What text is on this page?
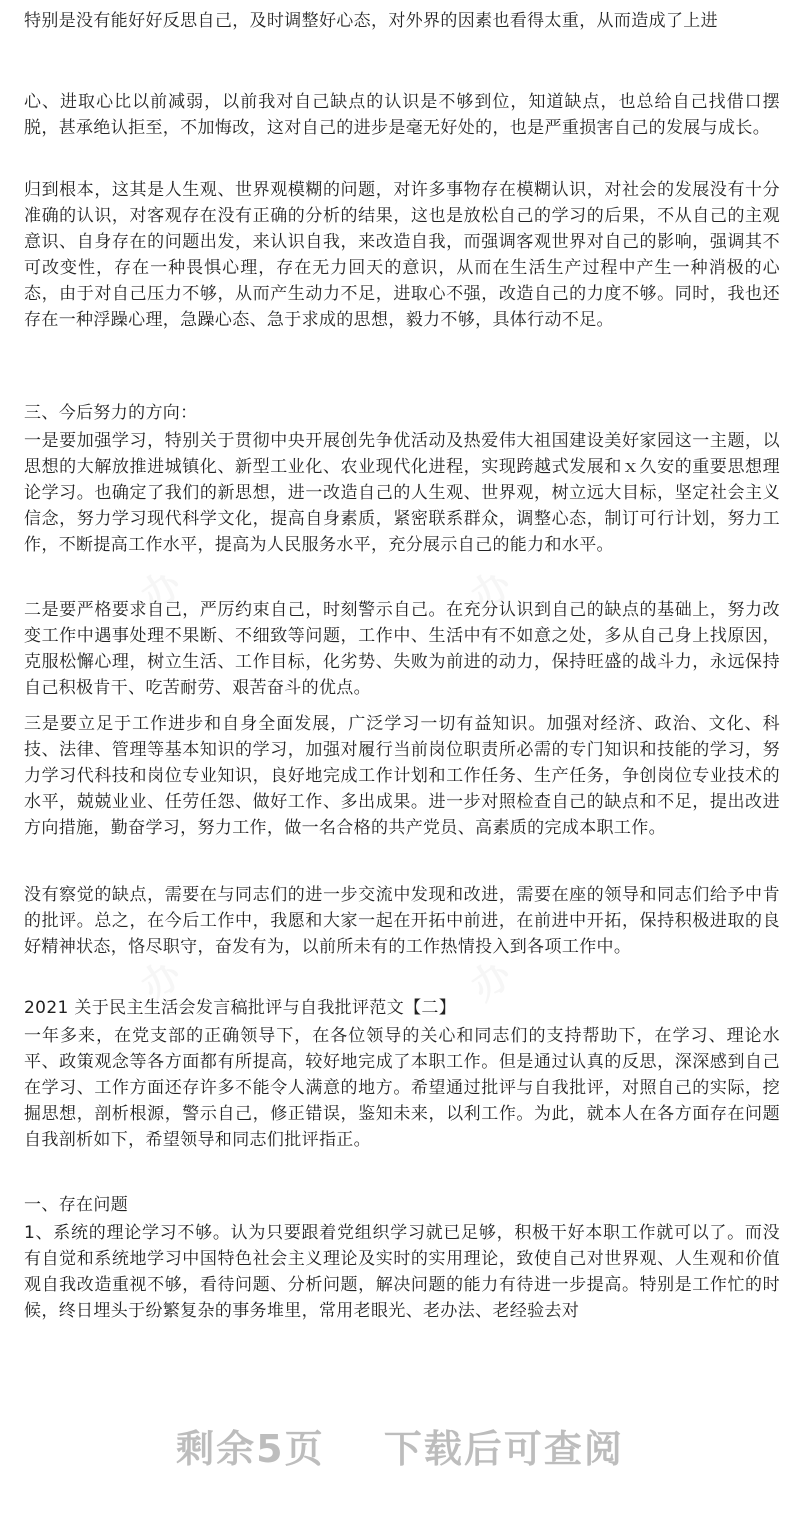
特别是没有能好好反思自己，及时调整好心态，对外界的因素也看得太重，从而造成了上进

心、进取心比以前减弱，以前我对自己缺点的认识是不够到位，知道缺点，也总给自己找借口摆脱，甚承绝认拒至，不加悔改，这对自己的进步是毫无好处的，也是严重损害自己的发展与成长。

归到根本，这其是人生观、世界观模糊的问题，对许多事物存在模糊认识，对社会的发展没有十分准确的认识，对客观存在没有正确的分析的结果，这也是放松自己的学习的后果，不从自己的主观意识、自身存在的问题出发，来认识自我，来改造自我，而强调客观世界对自己的影响，强调其不可改变性，存在一种畏惧心理，存在无力回天的意识，从而在生活生产过程中产生一种消极的心态，由于对自己压力不够，从而产生动力不足，进取心不强，改造自己的力度不够。同时，我也还存在一种浮躁心理，急躁心态、急于求成的思想，毅力不够，具体行动不足。

三、今后努力的方向：

一是要加强学习，特别关于贯彻中央开展创先争优活动及热爱伟大祖国建设美好家园这一主题，以思想的大解放推进城镇化、新型工业化、农业现代化进程，实现跨越式发展和ｘ久安的重要思想理论学习。也确定了我们的新思想，进一改造自己的人生观、世界观，树立远大目标，坚定社会主义信念，努力学习现代科学文化，提高自身素质，紧密联系群众，调整心态，制订可行计划，努力工作，不断提高工作水平，提高为人民服务水平，充分展示自己的能力和水平。

二是要严格要求自己，严厉约束自己，时刻警示自己。在充分认识到自己的缺点的基础上，努力改变工作中遇事处理不果断、不细致等问题，工作中、生活中有不如意之处，多从自己身上找原因，克服松懈心理，树立生活、工作目标，化劣势、失败为前进的动力，保持旺盛的战斗力，永远保持自己积极肯干、吃苦耐劳、艰苦奋斗的优点。

三是要立足于工作进步和自身全面发展，广泛学习一切有益知识。加强对经济、政治、文化、科技、法律、管理等基本知识的学习，加强对履行当前岗位职责所必需的专门知识和技能的学习，努力学习代科技和岗位专业知识，良好地完成工作计划和工作任务、生产任务，争创岗位专业技术的水平，兢兢业业、任劳任怨、做好工作、多出成果。进一步对照检查自己的缺点和不足，提出改进方向措施，勤奋学习，努力工作，做一名合格的共产党员、高素质的完成本职工作。

没有察觉的缺点，需要在与同志们的进一步交流中发现和改进，需要在座的领导和同志们给予中肯的批评。总之，在今后工作中，我愿和大家一起在开拓中前进，在前进中开拓，保持积极进取的良好精神状态，恪尽职守，奋发有为，以前所未有的工作热情投入到各项工作中。

2021 关于民主生活会发言稿批评与自我批评范文【二】

一年多来，在党支部的正确领导下，在各位领导的关心和同志们的支持帮助下，在学习、理论水平、政策观念等各方面都有所提高，较好地完成了本职工作。但是通过认真的反思，深深感到自己在学习、工作方面还存许多不能令人满意的地方。希望通过批评与自我批评，对照自己的实际，挖掘思想，剖析根源，警示自己，修正错误，鉴知未来，以利工作。为此，就本人在各方面存在问题自我剖析如下，希望领导和同志们批评指正。

一、存在问题

1、系统的理论学习不够。认为只要跟着党组织学习就已足够，积极干好本职工作就可以了。而没有自觉和系统地学习中国特色社会主义理论及实时的实用理论，致使自己对世界观、人生观和价值观自我改造重视不够，看待问题、分析问题，解决问题的能力有待进一步提高。特别是工作忙的时候，终日埋头于纷繁复杂的事务堆里，常用老眼光、老办法、老经验去对

剩余5页 下载后可查阅
